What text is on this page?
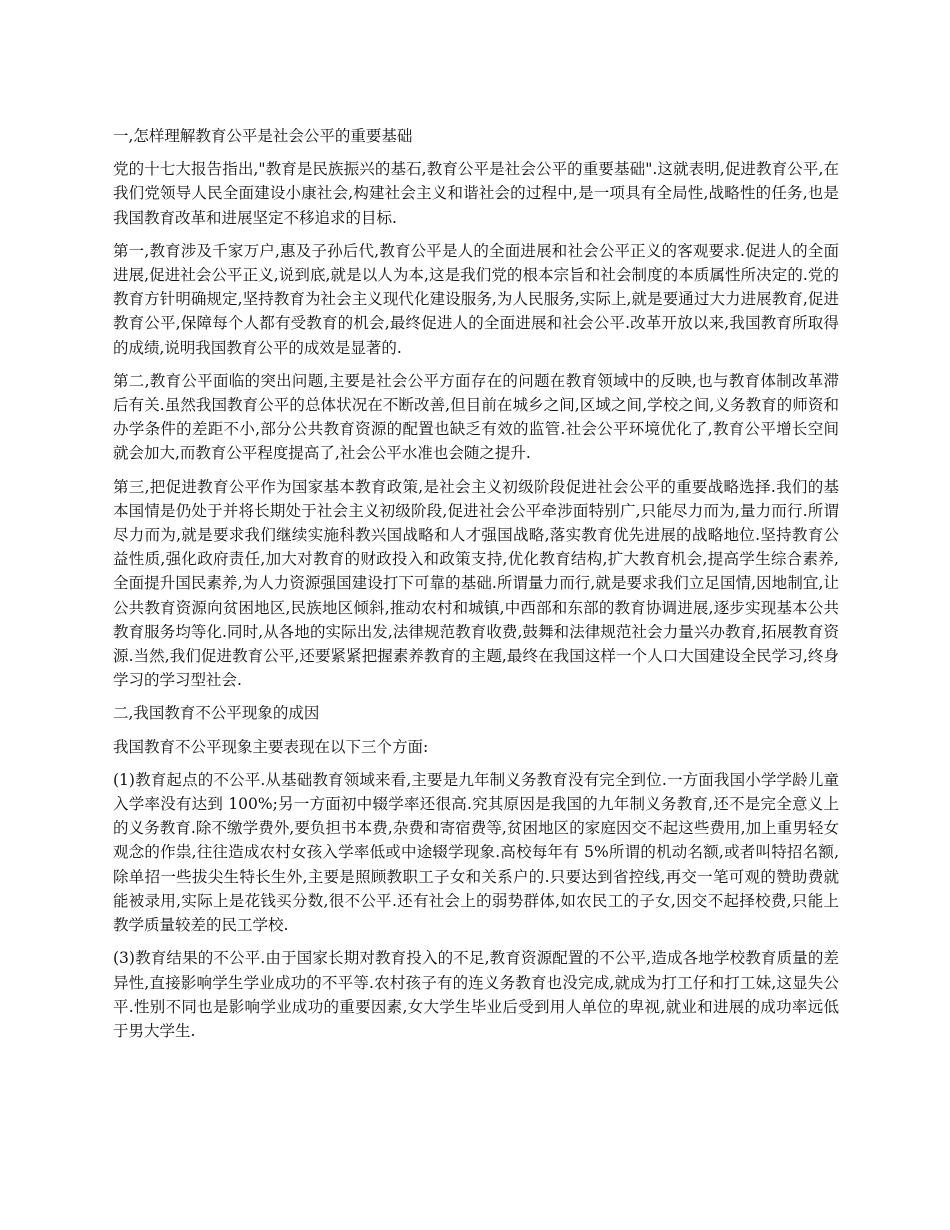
一,怎样理解教育公平是社会公平的重要基础

党的十七大报告指出,"教育是民族振兴的基石,教育公平是社会公平的重要基础".这就表明,促进教育公平,在我们党领导人民全面建设小康社会,构建社会主义和谐社会的过程中,是一项具有全局性,战略性的任务,也是我国教育改革和进展坚定不移追求的目标.

第一,教育涉及千家万户,惠及子孙后代,教育公平是人的全面进展和社会公平正义的客观要求.促进人的全面进展,促进社会公平正义,说到底,就是以人为本,这是我们党的根本宗旨和社会制度的本质属性所决定的.党的教育方针明确规定,坚持教育为社会主义现代化建设服务,为人民服务,实际上,就是要通过大力进展教育,促进教育公平,保障每个人都有受教育的机会,最终促进人的全面进展和社会公平.改革开放以来,我国教育所取得的成绩,说明我国教育公平的成效是显著的.

第二,教育公平面临的突出问题,主要是社会公平方面存在的问题在教育领域中的反映,也与教育体制改革滞后有关.虽然我国教育公平的总体状况在不断改善,但目前在城乡之间,区域之间,学校之间,义务教育的师资和办学条件的差距不小,部分公共教育资源的配置也缺乏有效的监管.社会公平环境优化了,教育公平增长空间就会加大,而教育公平程度提高了,社会公平水准也会随之提升.

第三,把促进教育公平作为国家基本教育政策,是社会主义初级阶段促进社会公平的重要战略选择.我们的基本国情是仍处于并将长期处于社会主义初级阶段,促进社会公平牵涉面特别广,只能尽力而为,量力而行.所谓尽力而为,就是要求我们继续实施科教兴国战略和人才强国战略,落实教育优先进展的战略地位.坚持教育公益性质,强化政府责任,加大对教育的财政投入和政策支持,优化教育结构,扩大教育机会,提高学生综合素养,全面提升国民素养,为人力资源强国建设打下可靠的基础.所谓量力而行,就是要求我们立足国情,因地制宜,让公共教育资源向贫困地区,民族地区倾斜,推动农村和城镇,中西部和东部的教育协调进展,逐步实现基本公共教育服务均等化.同时,从各地的实际出发,法律规范教育收费,鼓舞和法律规范社会力量兴办教育,拓展教育资源.当然,我们促进教育公平,还要紧紧把握素养教育的主题,最终在我国这样一个人口大国建设全民学习,终身学习的学习型社会.

二,我国教育不公平现象的成因

我国教育不公平现象主要表现在以下三个方面:

(1)教育起点的不公平.从基础教育领域来看,主要是九年制义务教育没有完全到位.一方面我国小学学龄儿童入学率没有达到 100%;另一方面初中辍学率还很高.究其原因是我国的九年制义务教育,还不是完全意义上的义务教育.除不缴学费外,要负担书本费,杂费和寄宿费等,贫困地区的家庭因交不起这些费用,加上重男轻女观念的作祟,往往造成农村女孩入学率低或中途辍学现象.高校每年有 5%所谓的机动名额,或者叫特招名额,除单招一些拔尖生特长生外,主要是照顾教职工子女和关系户的.只要达到省控线,再交一笔可观的赞助费就能被录用,实际上是花钱买分数,很不公平.还有社会上的弱势群体,如农民工的子女,因交不起择校费,只能上教学质量较差的民工学校.

(3)教育结果的不公平.由于国家长期对教育投入的不足,教育资源配置的不公平,造成各地学校教育质量的差异性,直接影响学生学业成功的不平等.农村孩子有的连义务教育也没完成,就成为打工仔和打工妹,这显失公平.性别不同也是影响学业成功的重要因素,女大学生毕业后受到用人单位的卑视,就业和进展的成功率远低于男大学生.
